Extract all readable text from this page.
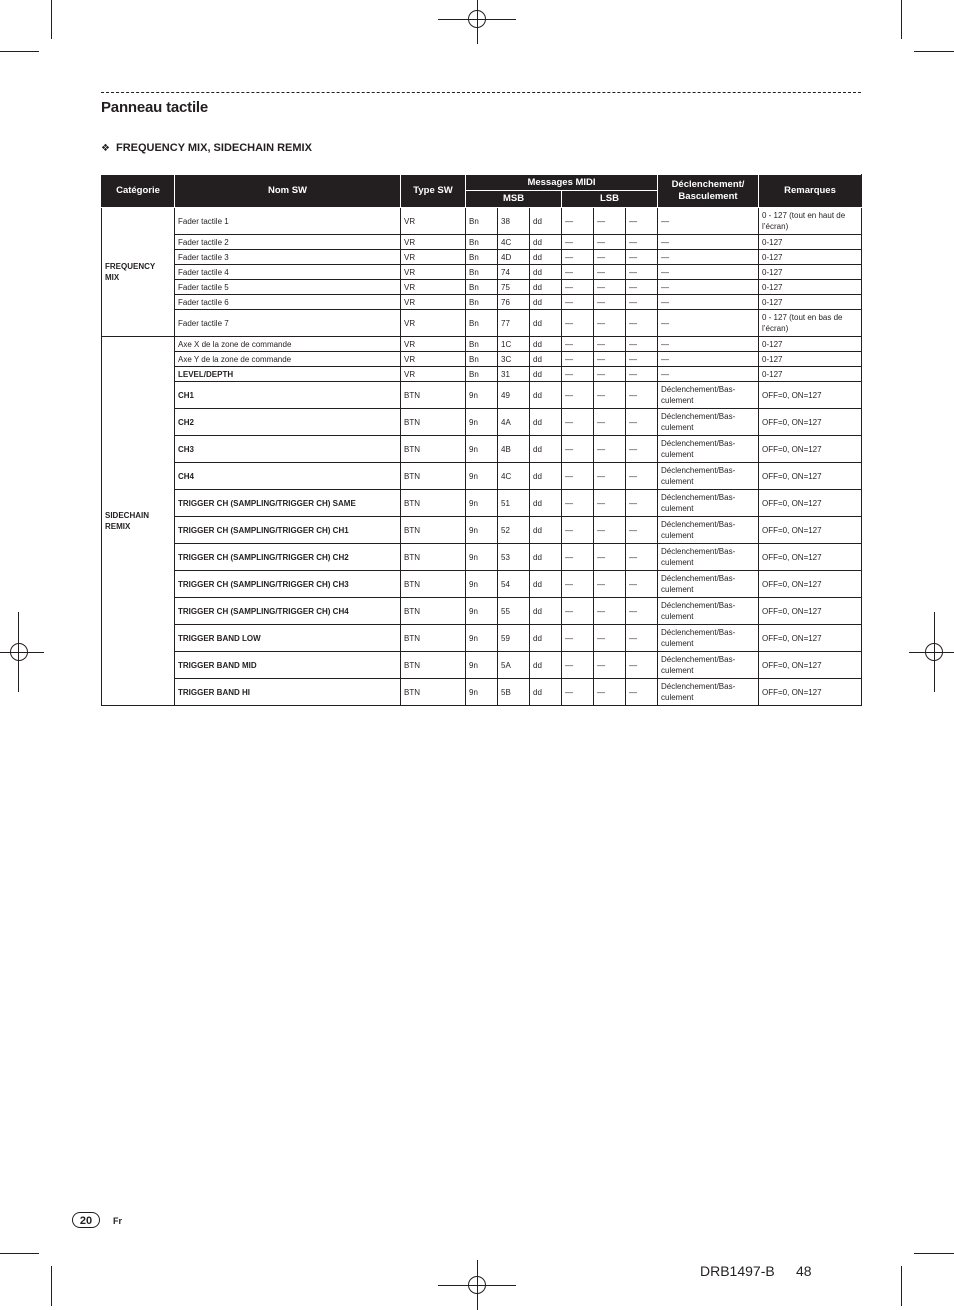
Panneau tactile
❖ FREQUENCY MIX, SIDECHAIN REMIX
Catégorie	Nom SW	Type SW	Messages MIDI						Déclenchement/ Basculement	Remarques
			MSB			LSB				
FREQUENCY MIX	Fader tactile 1	VR	Bn	38	dd	—	—	—	—	0 - 127 (tout en haut de l’écran)
	Fader tactile 2	VR	Bn	4C	dd	—	—	—	—	0-127
	Fader tactile 3	VR	Bn	4D	dd	—	—	—	—	0-127
	Fader tactile 4	VR	Bn	74	dd	—	—	—	—	0-127
	Fader tactile 5	VR	Bn	75	dd	—	—	—	—	0-127
	Fader tactile 6	VR	Bn	76	dd	—	—	—	—	0-127
	Fader tactile 7	VR	Bn	77	dd	—	—	—	—	0 - 127 (tout en bas de l’écran)
SIDECHAIN REMIX	Axe X de la zone de commande	VR	Bn	1C	dd	—	—	—	—	0-127
	Axe Y de la zone de commande	VR	Bn	3C	dd	—	—	—	—	0-127
	LEVEL/DEPTH	VR	Bn	31	dd	—	—	—	—	0-127
	CH1	BTN	9n	49	dd	—	—	—	Déclenchement/Bas-culement	OFF=0, ON=127
	CH2	BTN	9n	4A	dd	—	—	—	Déclenchement/Bas-culement	OFF=0, ON=127
	CH3	BTN	9n	4B	dd	—	—	—	Déclenchement/Bas-culement	OFF=0, ON=127
	CH4	BTN	9n	4C	dd	—	—	—	Déclenchement/Bas-culement	OFF=0, ON=127
	TRIGGER CH (SAMPLING/TRIGGER CH) SAME	BTN	9n	51	dd	—	—	—	Déclenchement/Bas-culement	OFF=0, ON=127
	TRIGGER CH (SAMPLING/TRIGGER CH) CH1	BTN	9n	52	dd	—	—	—	Déclenchement/Bas-culement	OFF=0, ON=127
	TRIGGER CH (SAMPLING/TRIGGER CH) CH2	BTN	9n	53	dd	—	—	—	Déclenchement/Bas-culement	OFF=0, ON=127
	TRIGGER CH (SAMPLING/TRIGGER CH) CH3	BTN	9n	54	dd	—	—	—	Déclenchement/Bas-culement	OFF=0, ON=127
	TRIGGER CH (SAMPLING/TRIGGER CH) CH4	BTN	9n	55	dd	—	—	—	Déclenchement/Bas-culement	OFF=0, ON=127
	TRIGGER BAND LOW	BTN	9n	59	dd	—	—	—	Déclenchement/Bas-culement	OFF=0, ON=127
	TRIGGER BAND MID	BTN	9n	5A	dd	—	—	—	Déclenchement/Bas-culement	OFF=0, ON=127
	TRIGGER BAND HI	BTN	9n	5B	dd	—	—	—	Déclenchement/Bas-culement	OFF=0, ON=127
20	Fr
DRB1497-B 48
